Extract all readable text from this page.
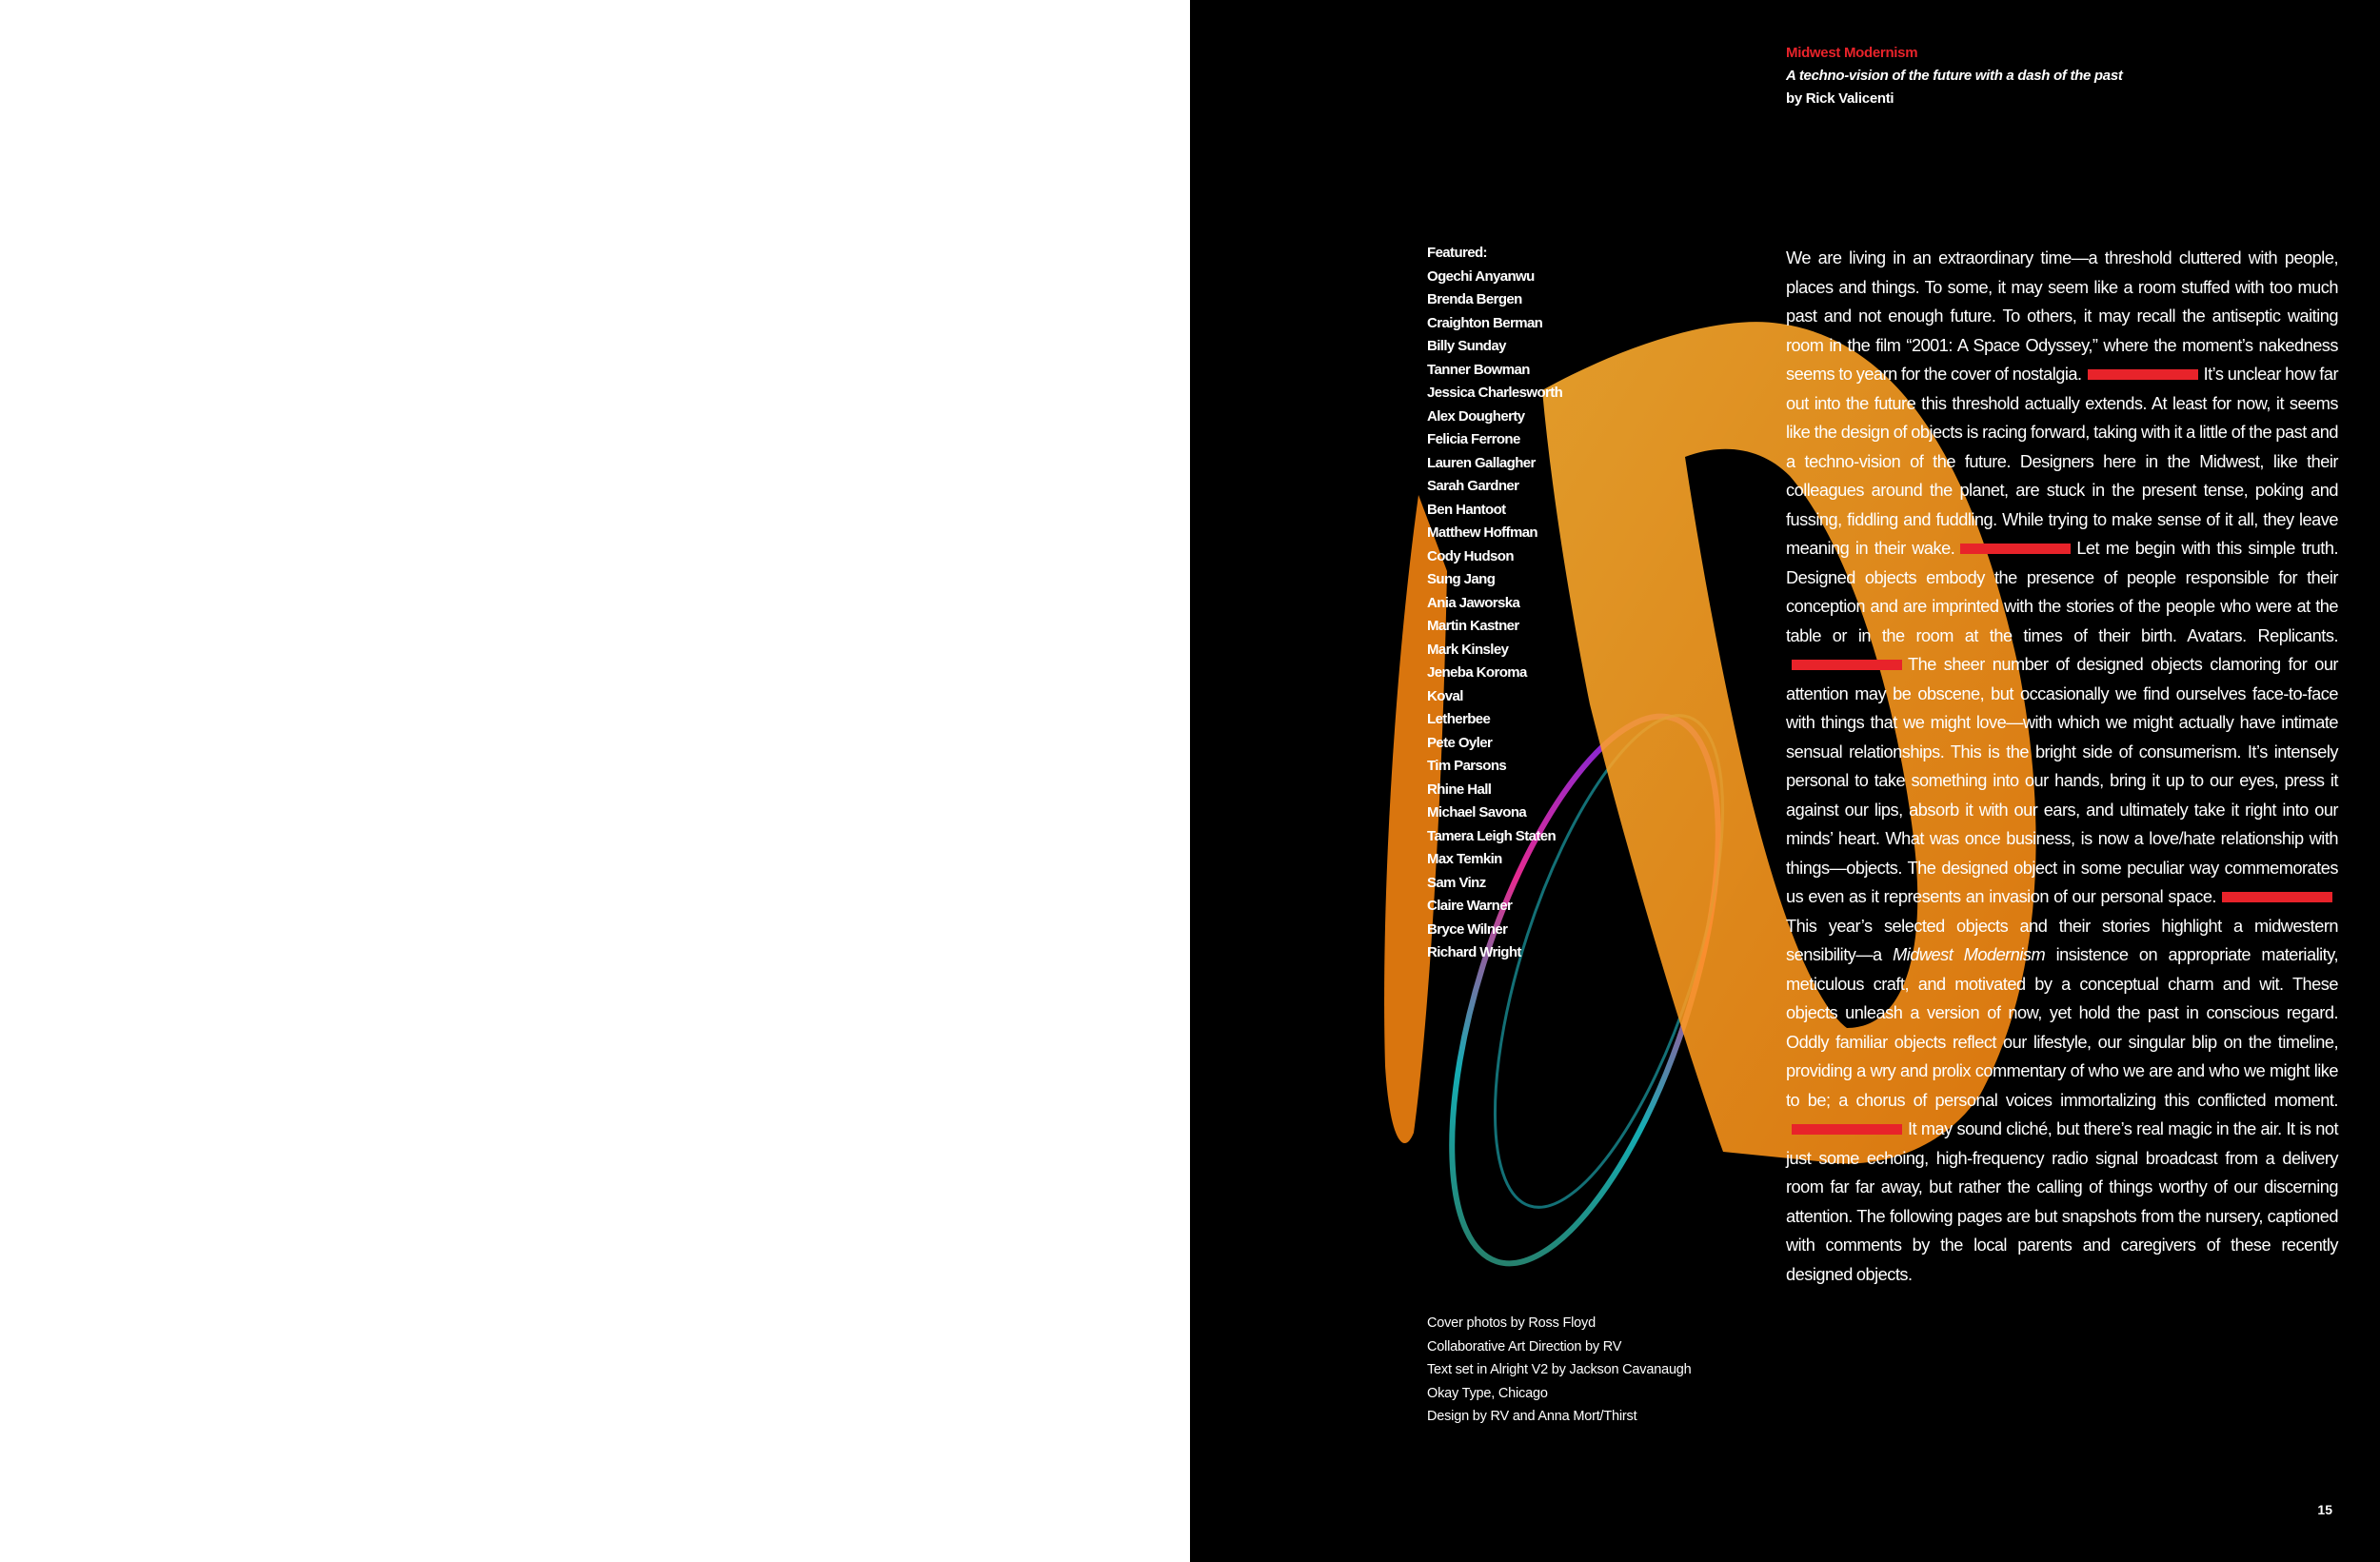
Midwest Modernism
A techno-vision of the future with a dash of the past
by Rick Valicenti
Featured:
Ogechi Anyanwu
Brenda Bergen
Craighton Berman
Billy Sunday
Tanner Bowman
Jessica Charlesworth
Alex Dougherty
Felicia Ferrone
Lauren Gallagher
Sarah Gardner
Ben Hantoot
Matthew Hoffman
Cody Hudson
Sung Jang
Ania Jaworska
Martin Kastner
Mark Kinsley
Jeneba Koroma
Koval
Letherbee
Pete Oyler
Tim Parsons
Rhine Hall
Michael Savona
Tamera Leigh Staten
Max Temkin
Sam Vinz
Claire Warner
Bryce Wilner
Richard Wright
Cover photos by Ross Floyd
Collaborative Art Direction by RV
Text set in Alright V2 by Jackson Cavanaugh
Okay Type, Chicago
Design by RV and Anna Mort/Thirst
We are living in an extraordinary time—a threshold cluttered with people, places and things. To some, it may seem like a room stuffed with too much past and not enough future. To others, it may recall the antiseptic waiting room in the film “2001: A Space Odyssey,” where the moment’s nakedness seems to yearn for the cover of nostalgia.	It’s unclear how far out into the future this threshold actually extends. At least for now, it seems like the design of objects is racing forward, taking with it a little of the past and a techno-vision of the future. Designers here in the Midwest, like their colleagues around the planet, are stuck in the present tense, poking and fussing, fiddling and fuddling. While trying to make sense of it all, they leave meaning in their wake.	Let me begin with this simple truth. Designed objects embody the presence of people responsible for their conception and are imprinted with the stories of the people who were at the table or in the room at the times of their birth. Avatars. Replicants.The sheer number of designed objects clamoring for our attention may be obscene, but occasionally we find ourselves face-to-face with things that we might love—with which we might actually have intimate sensual relationships. This is the bright side of consumerism. It’s intensely personal to take something into our hands, bring it up to our eyes, press it against our lips, absorb it with our ears, and ultimately take it right into our minds’ heart. What was once business, is now a love/hate relationship with things—objects. The designed object in some peculiar way commemorates us even as it represents an invasion of our personal space.This year’s selected objects and their stories highlight a midwestern sensibility—a Midwest Modernism insistence on appropriate materiality, meticulous craft, and motivated by a conceptual charm and wit. These objects unleash a version of now, yet hold the past in conscious regard. Oddly familiar objects reflect our lifestyle, our singular blip on the timeline, providing a wry and prolix commentary of who we are and who we might like to be; a chorus of personal voices immortalizing this conflicted moment.It may sound cliché, but there’s real magic in the air. It is not just some echoing, high-frequency radio signal broadcast from a delivery room far far away, but rather the calling of things worthy of our discerning attention. The following pages are but snapshots from the nursery, captioned with comments by the local parents and caregivers of these recently designed objects.
15
